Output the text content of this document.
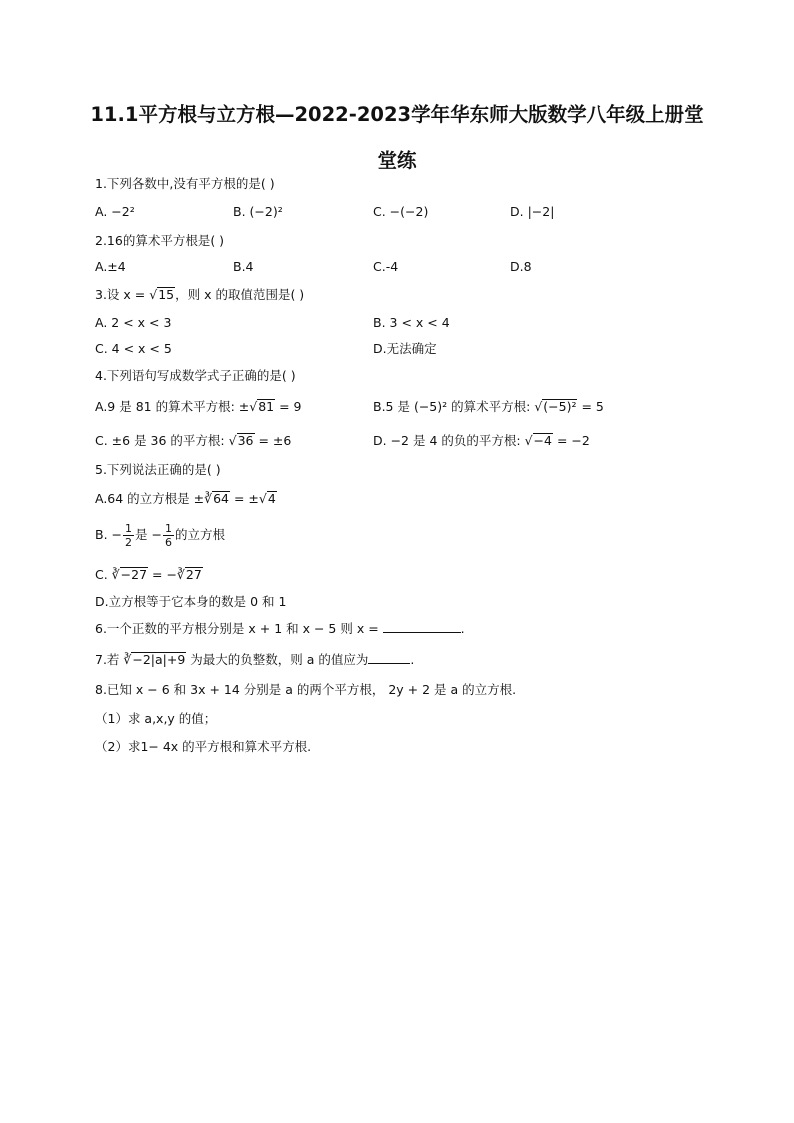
11.1平方根与立方根—2022-2023学年华东师大版数学八年级上册堂
堂练
1.下列各数中,没有平方根的是( )
A. −2²	B. (−2)²	C. −(−2)	D. |−2|
2.16的算术平方根是( )
A.±4	B.4	C.-4	D.8
3.设 x = √15，则 x 的取值范围是( )
A. 2 < x < 3	B. 3 < x < 4
C. 4 < x < 5	D.无法确定
4.下列语句写成数学式子正确的是( )
A.9 是 81 的算术平方根: ±√81 = 9	B.5 是 (−5)² 的算术平方根: √(−5)² = 5
C. ±6 是 36 的平方根: √36 = ±6	D. −2 是 4 的负的平方根: √−4 = −2
5.下列说法正确的是( )
A.64 的立方根是 ±∛64 = ±√4
B. − $\frac{1}{2}$ 是 − $\frac{1}{6}$ 的立方根
C. ∛−27 = −∛27
D.立方根等于它本身的数是 0 和 1
6.一个正数的平方根分别是 x + 1 和 x − 5 则 x =	.
7.若 ∛−2|a|+9 为最大的负整数，则 a 的值应为	.
8.已知 x − 6 和 3x + 14 分别是 a 的两个平方根， 2y + 2 是 a 的立方根.
（1）求 a,x,y 的值；
（2）求1− 4x 的平方根和算术平方根.
